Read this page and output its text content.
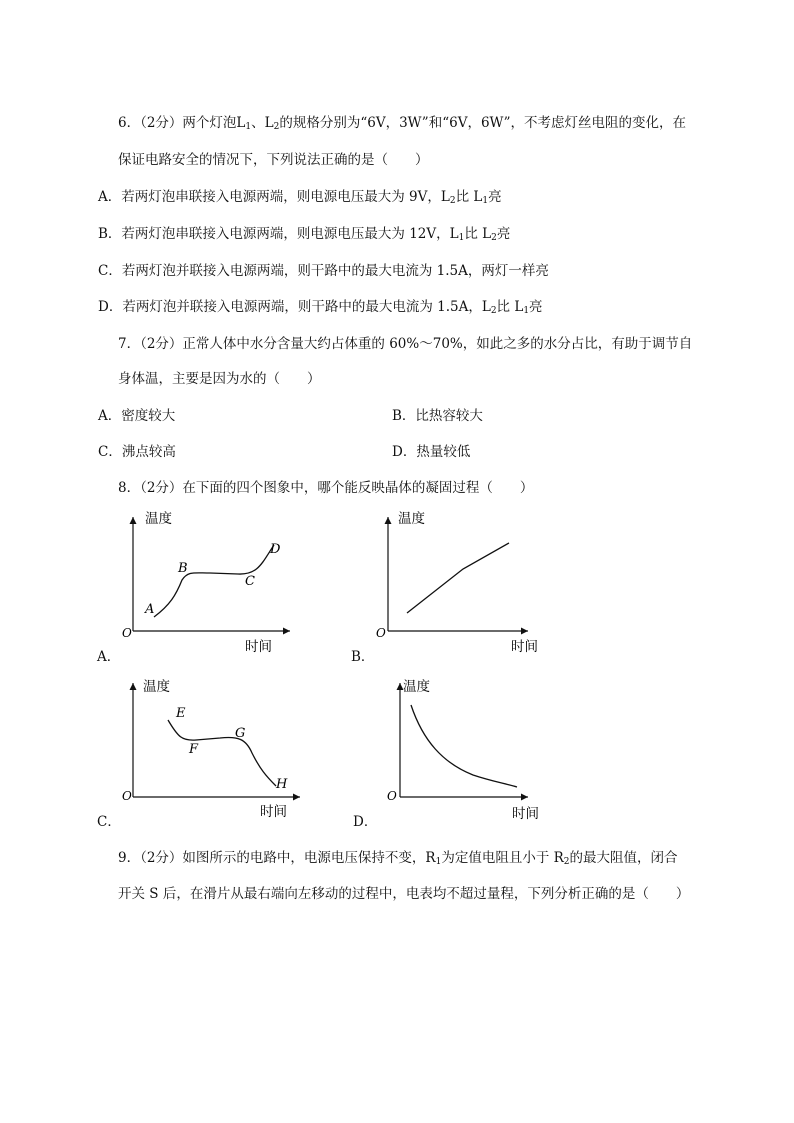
6．（2分）两个灯泡$L_1$、$L_2$的规格分别为“6V，3W”和“6V，6W”，不考虑灯丝电阻的变化，在
保证电路安全的情况下，下列说法正确的是（　　）
A．若两灯泡串联接入电源两端，则电源电压最大为 9V，$L_2$比 $L_1$亮
B．若两灯泡串联接入电源两端，则电源电压最大为 12V，$L_1$比 $L_2$亮
C．若两灯泡并联接入电源两端，则干路中的最大电流为 1.5A，两灯一样亮
D．若两灯泡并联接入电源两端，则干路中的最大电流为 1.5A，$L_2$比 $L_1$亮
7．（2分）正常人体中水分含量大约占体重的 60%～70%，如此之多的水分占比，有助于调节自
身体温，主要是因为水的（　　）
A．密度较大	B．比热容较大
C．沸点较高	D．热量较低
8．（2分）在下面的四个图象中，哪个能反映晶体的凝固过程（　　）
温度
时间
O
A
B
C
D
A．
温度
时间
O
B．
温度
时间
O
E
F
G
H
C．
温度
时间
O
D．
9．（2分）如图所示的电路中，电源电压保持不变，$R_1$为定值电阻且小于 $R_2$的最大阻值，闭合
开关 S 后，在滑片从最右端向左移动的过程中，电表均不超过量程，下列分析正确的是（　　）
